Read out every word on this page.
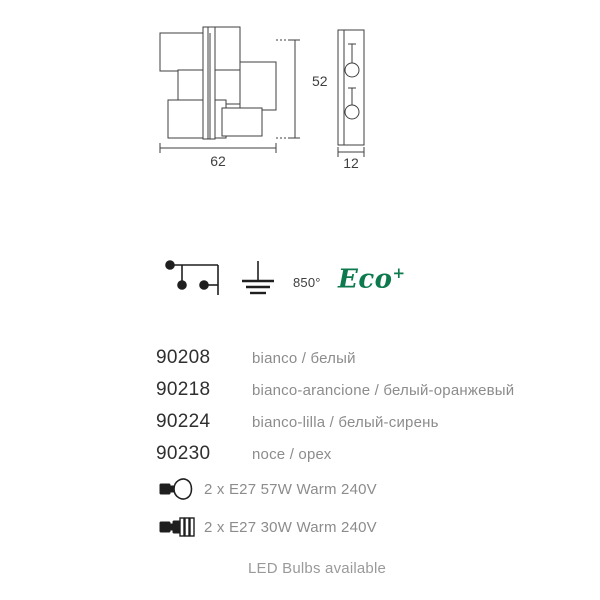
62
52
12
850° Eco+
90208	bianco / белый
90218	bianco-arancione / белый-оранжевый
90224	bianco-lilla / белый-сирень
90230	noce / орех
2 x E27 57W Warm 240V
2 x E27 30W Warm 240V
LED Bulbs available
